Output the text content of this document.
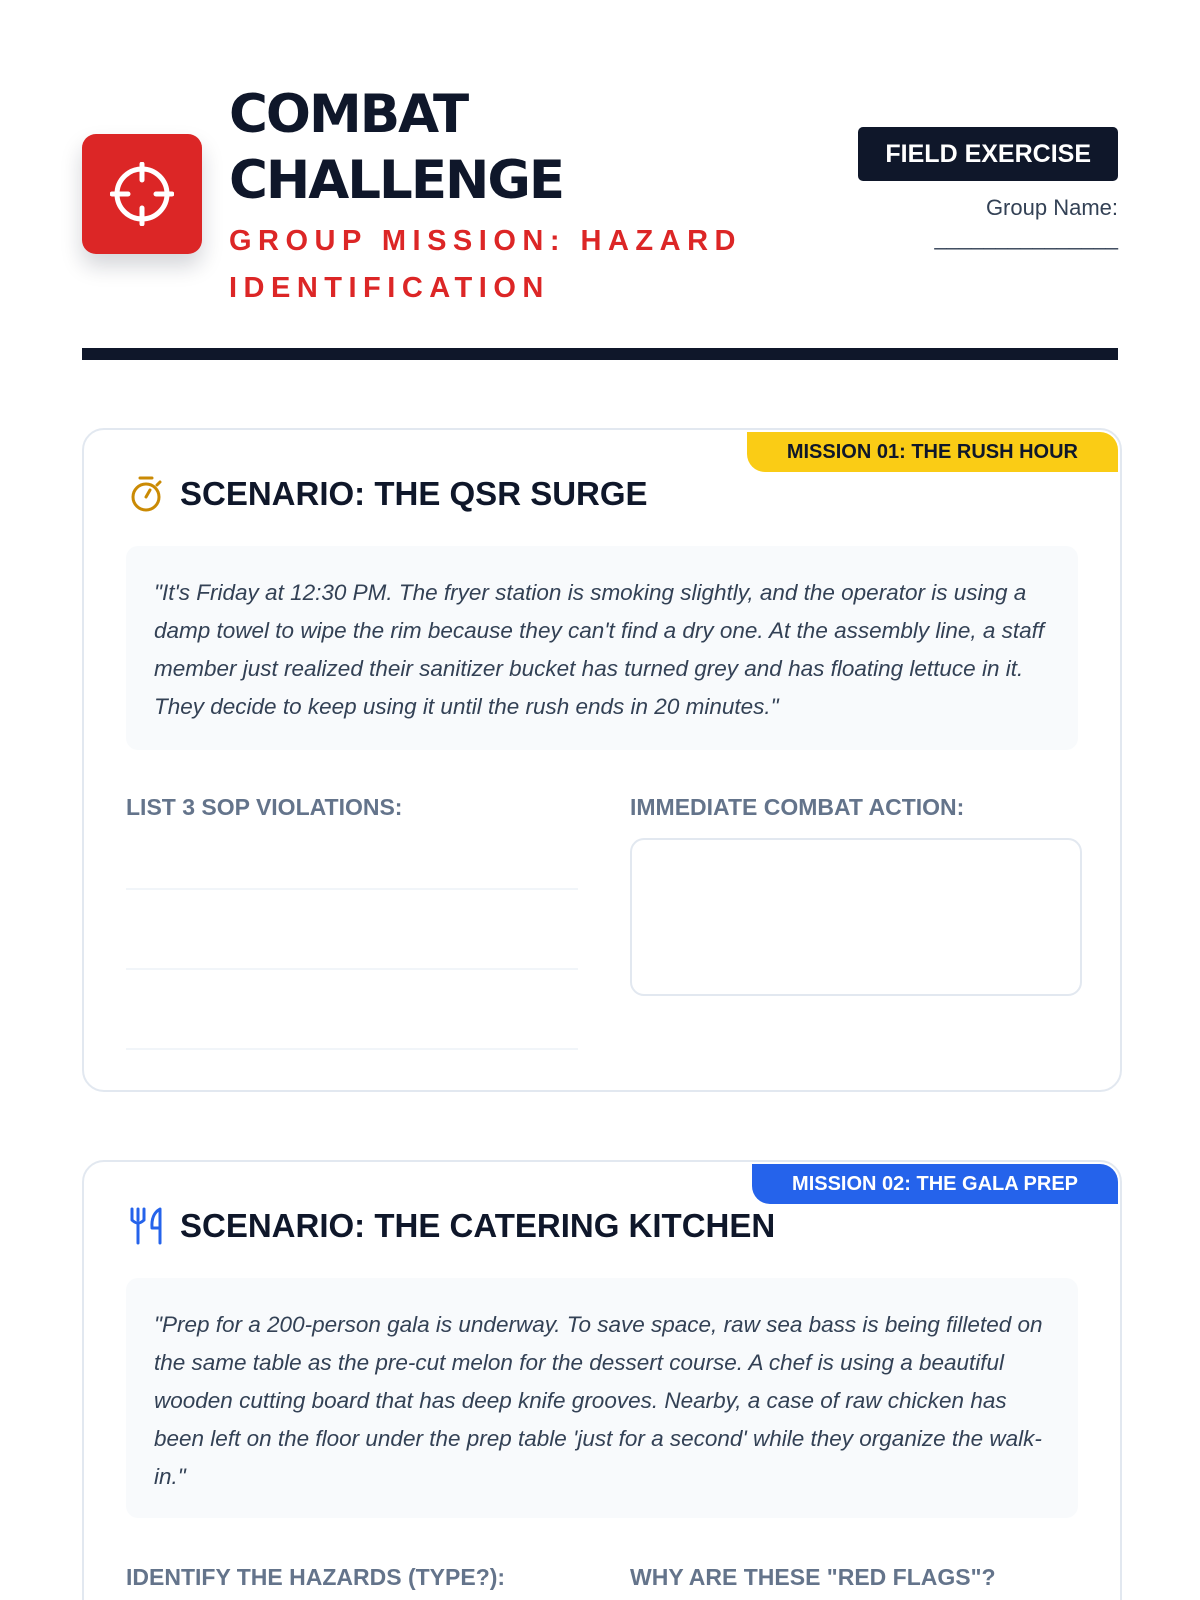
COMBAT CHALLENGE
GROUP MISSION: HAZARD IDENTIFICATION
FIELD EXERCISE
Group Name:
_______________
MISSION 01: THE RUSH HOUR
SCENARIO: THE QSR SURGE
"It's Friday at 12:30 PM. The fryer station is smoking slightly, and the operator is using a damp towel to wipe the rim because they can't find a dry one. At the assembly line, a staff member just realized their sanitizer bucket has turned grey and has floating lettuce in it. They decide to keep using it until the rush ends in 20 minutes."
LIST 3 SOP VIOLATIONS:	IMMEDIATE COMBAT ACTION:
MISSION 02: THE GALA PREP
SCENARIO: THE CATERING KITCHEN
"Prep for a 200-person gala is underway. To save space, raw sea bass is being filleted on the same table as the pre-cut melon for the dessert course. A chef is using a beautiful wooden cutting board that has deep knife grooves. Nearby, a case of raw chicken has been left on the floor under the prep table 'just for a second' while they organize the walk-in."
IDENTIFY THE HAZARDS (TYPE?):	WHY ARE THESE "RED FLAGS"?
